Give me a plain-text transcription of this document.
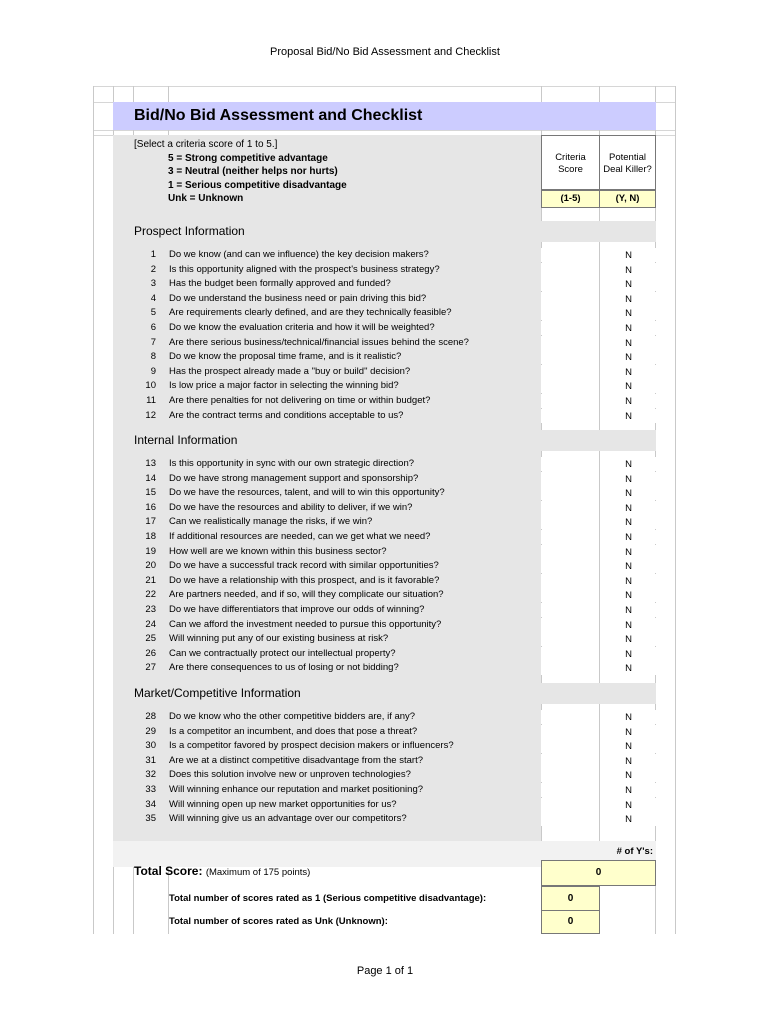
Proposal Bid/No Bid Assessment and Checklist
Bid/No Bid Assessment and Checklist
[Select a criteria score of 1 to 5.]
5 = Strong competitive advantage
3 = Neutral (neither helps nor hurts)
1 = Serious competitive disadvantage
Unk = Unknown
Criteria
Score
Potential
Deal Killer?
(1-5)	(Y, N)
Prospect Information
1 Do we know (and can we influence) the key decision makers?	N
2 Is this opportunity aligned with the prospect's business strategy?	N
3 Has the budget been formally approved and funded?	N
4 Do we understand the business need or pain driving this bid?	N
5 Are requirements clearly defined, and are they technically feasible?	N
6 Do we know the evaluation criteria and how it will be weighted?	N
7 Are there serious business/technical/financial issues behind the scene?	N
8 Do we know the proposal time frame, and is it realistic?	N
9 Has the prospect already made a "buy or build" decision?	N
10 Is low price a major factor in selecting the winning bid?	N
11 Are there penalties for not delivering on time or within budget?	N
12 Are the contract terms and conditions acceptable to us?	N
Internal Information
13 Is this opportunity in sync with our own strategic direction?	N
14 Do we have strong management support and sponsorship?	N
15 Do we have the resources, talent, and will to win this opportunity?	N
16 Do we have the resources and ability to deliver, if we win?	N
17 Can we realistically manage the risks, if we win?	N
18 If additional resources are needed, can we get what we need?	N
19 How well are we known within this business sector?	N
20 Do we have a successful track record with similar opportunities?	N
21 Do we have a relationship with this prospect, and is it favorable?	N
22 Are partners needed, and if so, will they complicate our situation?	N
23 Do we have differentiators that improve our odds of winning?	N
24 Can we afford the investment needed to pursue this opportunity?	N
25 Will winning put any of our existing business at risk?	N
26 Can we contractually protect our intellectual property?	N
27 Are there consequences to us of losing or not bidding?	N
Market/Competitive Information
28 Do we know who the other competitive bidders are, if any?	N
29 Is a competitor an incumbent, and does that pose a threat?	N
30 Is a competitor favored by prospect decision makers or influencers?	N
31 Are we at a distinct competitive disadvantage from the start?	N
32 Does this solution involve new or unproven technologies?	N
33 Will winning enhance our reputation and market positioning?	N
34 Will winning open up new market opportunities for us?	N
35 Will winning give us an advantage over our competitors?	N
# of Y's:
Total Score: (Maximum of 175 points)	0
Total number of scores rated as 1 (Serious competitive disadvantage):	0
Total number of scores rated as Unk (Unknown):	0
Page 1 of 1
